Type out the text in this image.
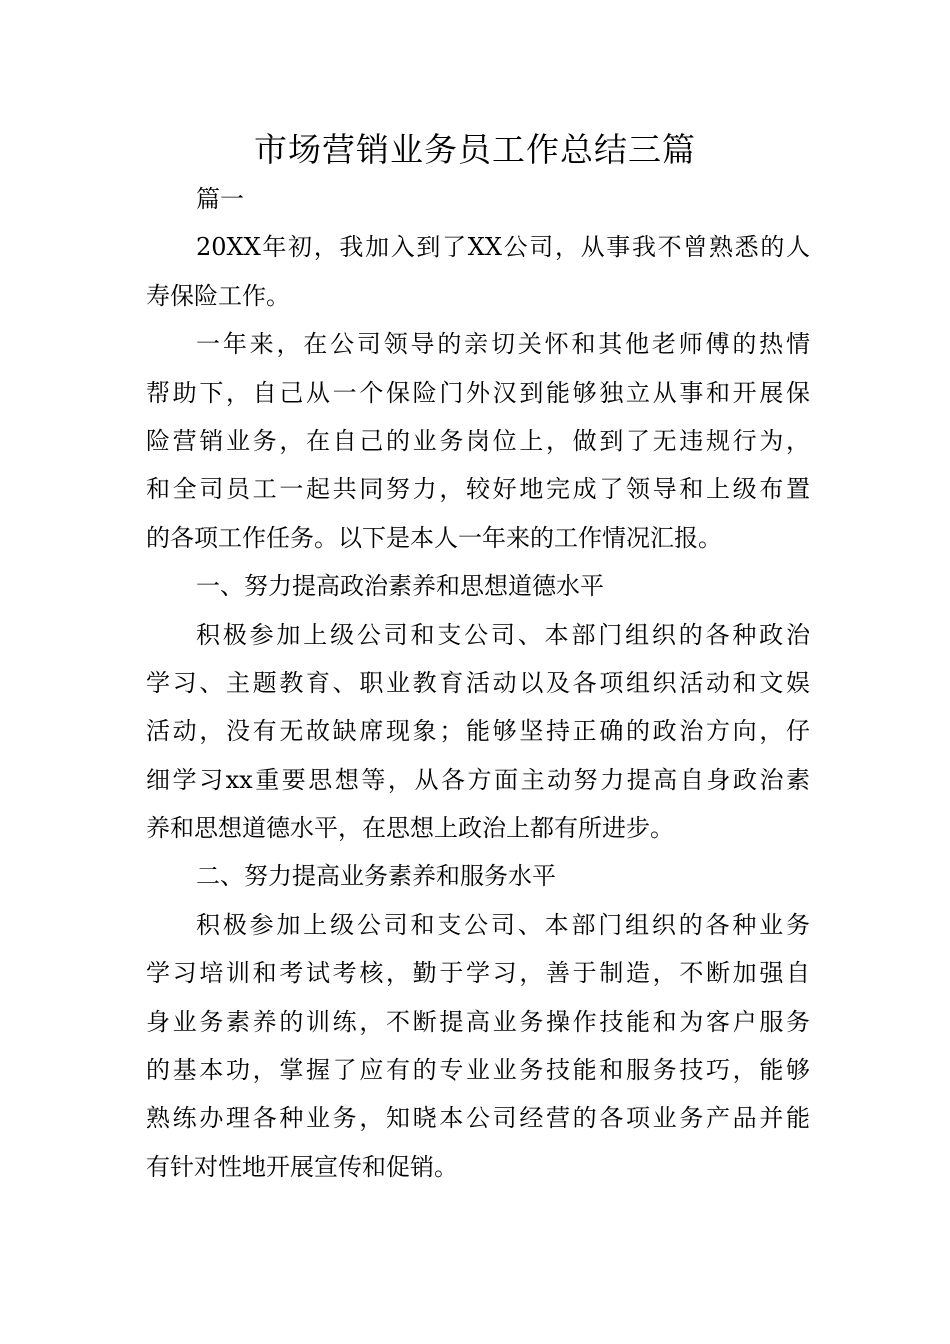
市场营销业务员工作总结三篇
篇一
20XX年初，我加入到了XX公司，从事我不曾熟悉的人
寿保险工作。
一年来，在公司领导的亲切关怀和其他老师傅的热情
帮助下，自己从一个保险门外汉到能够独立从事和开展保
险营销业务，在自己的业务岗位上，做到了无违规行为，
和全司员工一起共同努力，较好地完成了领导和上级布置
的各项工作任务。以下是本人一年来的工作情况汇报。
一、努力提高政治素养和思想道德水平
积极参加上级公司和支公司、本部门组织的各种政治
学习、主题教育、职业教育活动以及各项组织活动和文娱
活动，没有无故缺席现象；能够坚持正确的政治方向，仔
细学习xx重要思想等，从各方面主动努力提高自身政治素
养和思想道德水平，在思想上政治上都有所进步。
二、努力提高业务素养和服务水平
积极参加上级公司和支公司、本部门组织的各种业务
学习培训和考试考核，勤于学习，善于制造，不断加强自
身业务素养的训练，不断提高业务操作技能和为客户服务
的基本功，掌握了应有的专业业务技能和服务技巧，能够
熟练办理各种业务，知晓本公司经营的各项业务产品并能
有针对性地开展宣传和促销。
